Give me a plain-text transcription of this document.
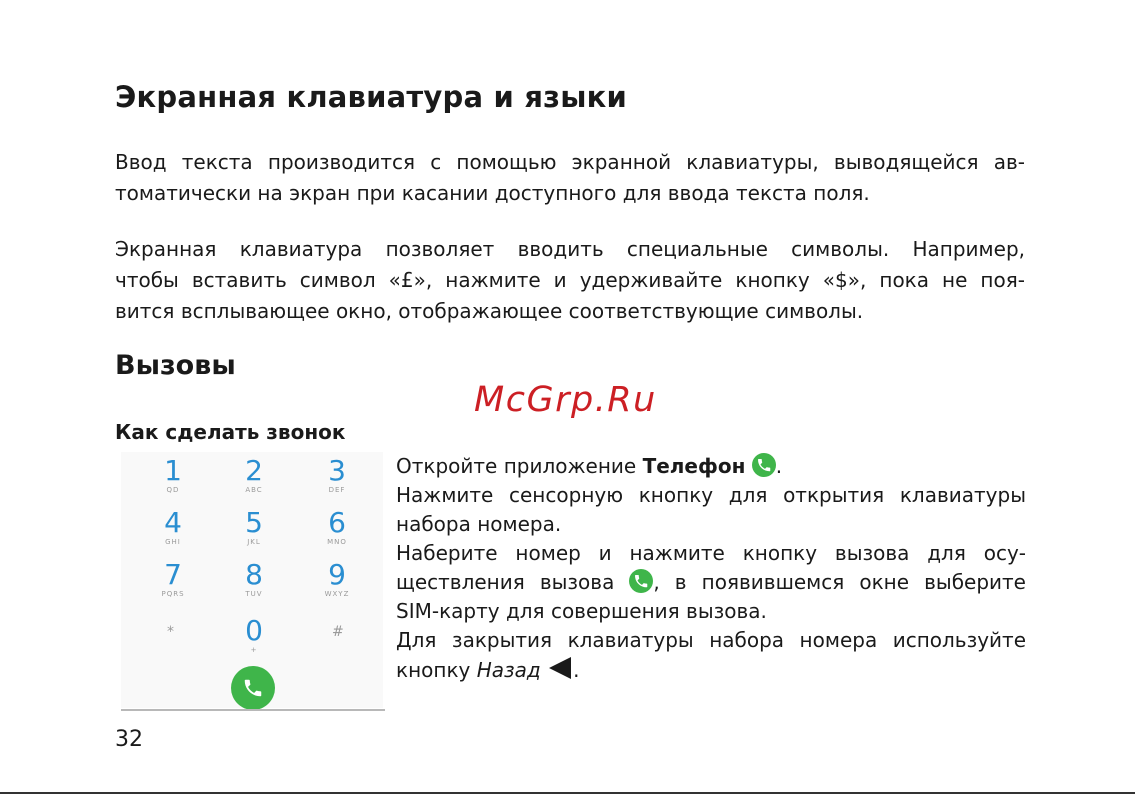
Экранная клавиатура и языки
Ввод текста производится с помощью экранной клавиатуры, выводящейся ав-
томатически на экран при касании доступного для ввода текста поля.
Экранная клавиатура позволяет вводить специальные символы. Например,
чтобы вставить символ «£», нажмите и удерживайте кнопку «$», пока не поя-
вится всплывающее окно, отображающее соответствующие символы.
Вызовы
McGrp.Ru
Как сделать звонок
1
QD
2
ABC
3
DEF
4
GHI
5
JKL
6
MNO
7
PQRS
8
TUV
9
WXYZ
*	0
+
#
Откройте приложение Телефон .
Нажмите сенсорную кнопку для открытия клавиатуры
набора номера.
Наберите номер и нажмите кнопку вызова для осу-
ществления вызова , в появившемся окне выберите
SIM-карту для совершения вызова.
Для закрытия клавиатуры набора номера используйте
кнопку Назад .
32
